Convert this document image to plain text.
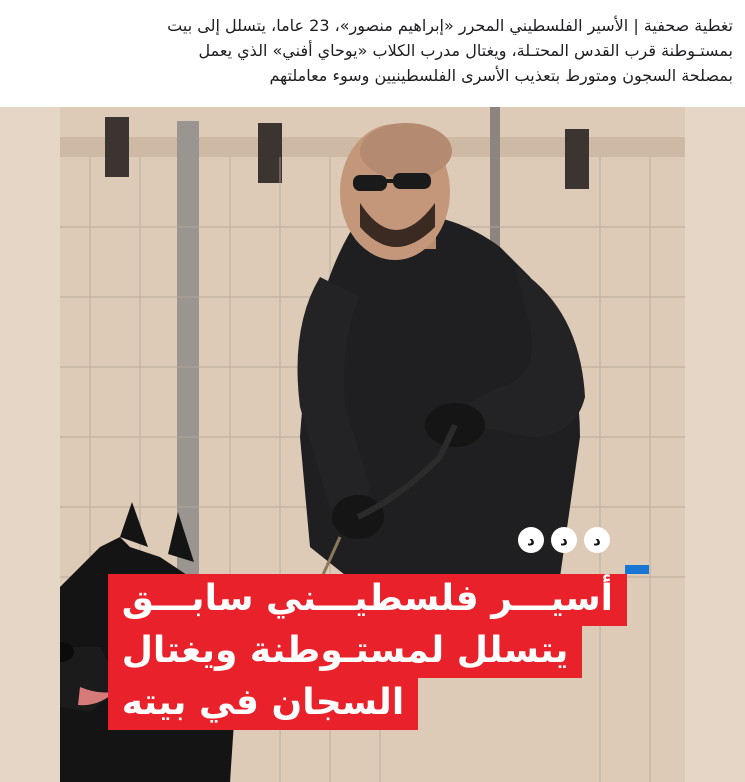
تغطية صحفية | الأسير الفلسطيني المحرر «إبراهيم منصور»، 23 عاما، يتسلل إلى بيت
بمستـوطنة قرب القدس المحتـلة، ويغتال مدرب الكلاب «يوحاي أفني» الذي يعمل
بمصلحة السجون ومتورط بتعذيب الأسرى الفلسطينيين وسوء معاملتهم
ﺩ	ﺩ	ﺩ
أسيـــر فلسطيـــني سابـــق
يتسلل لمستـوطنة ويغتال
السجان في بيته
